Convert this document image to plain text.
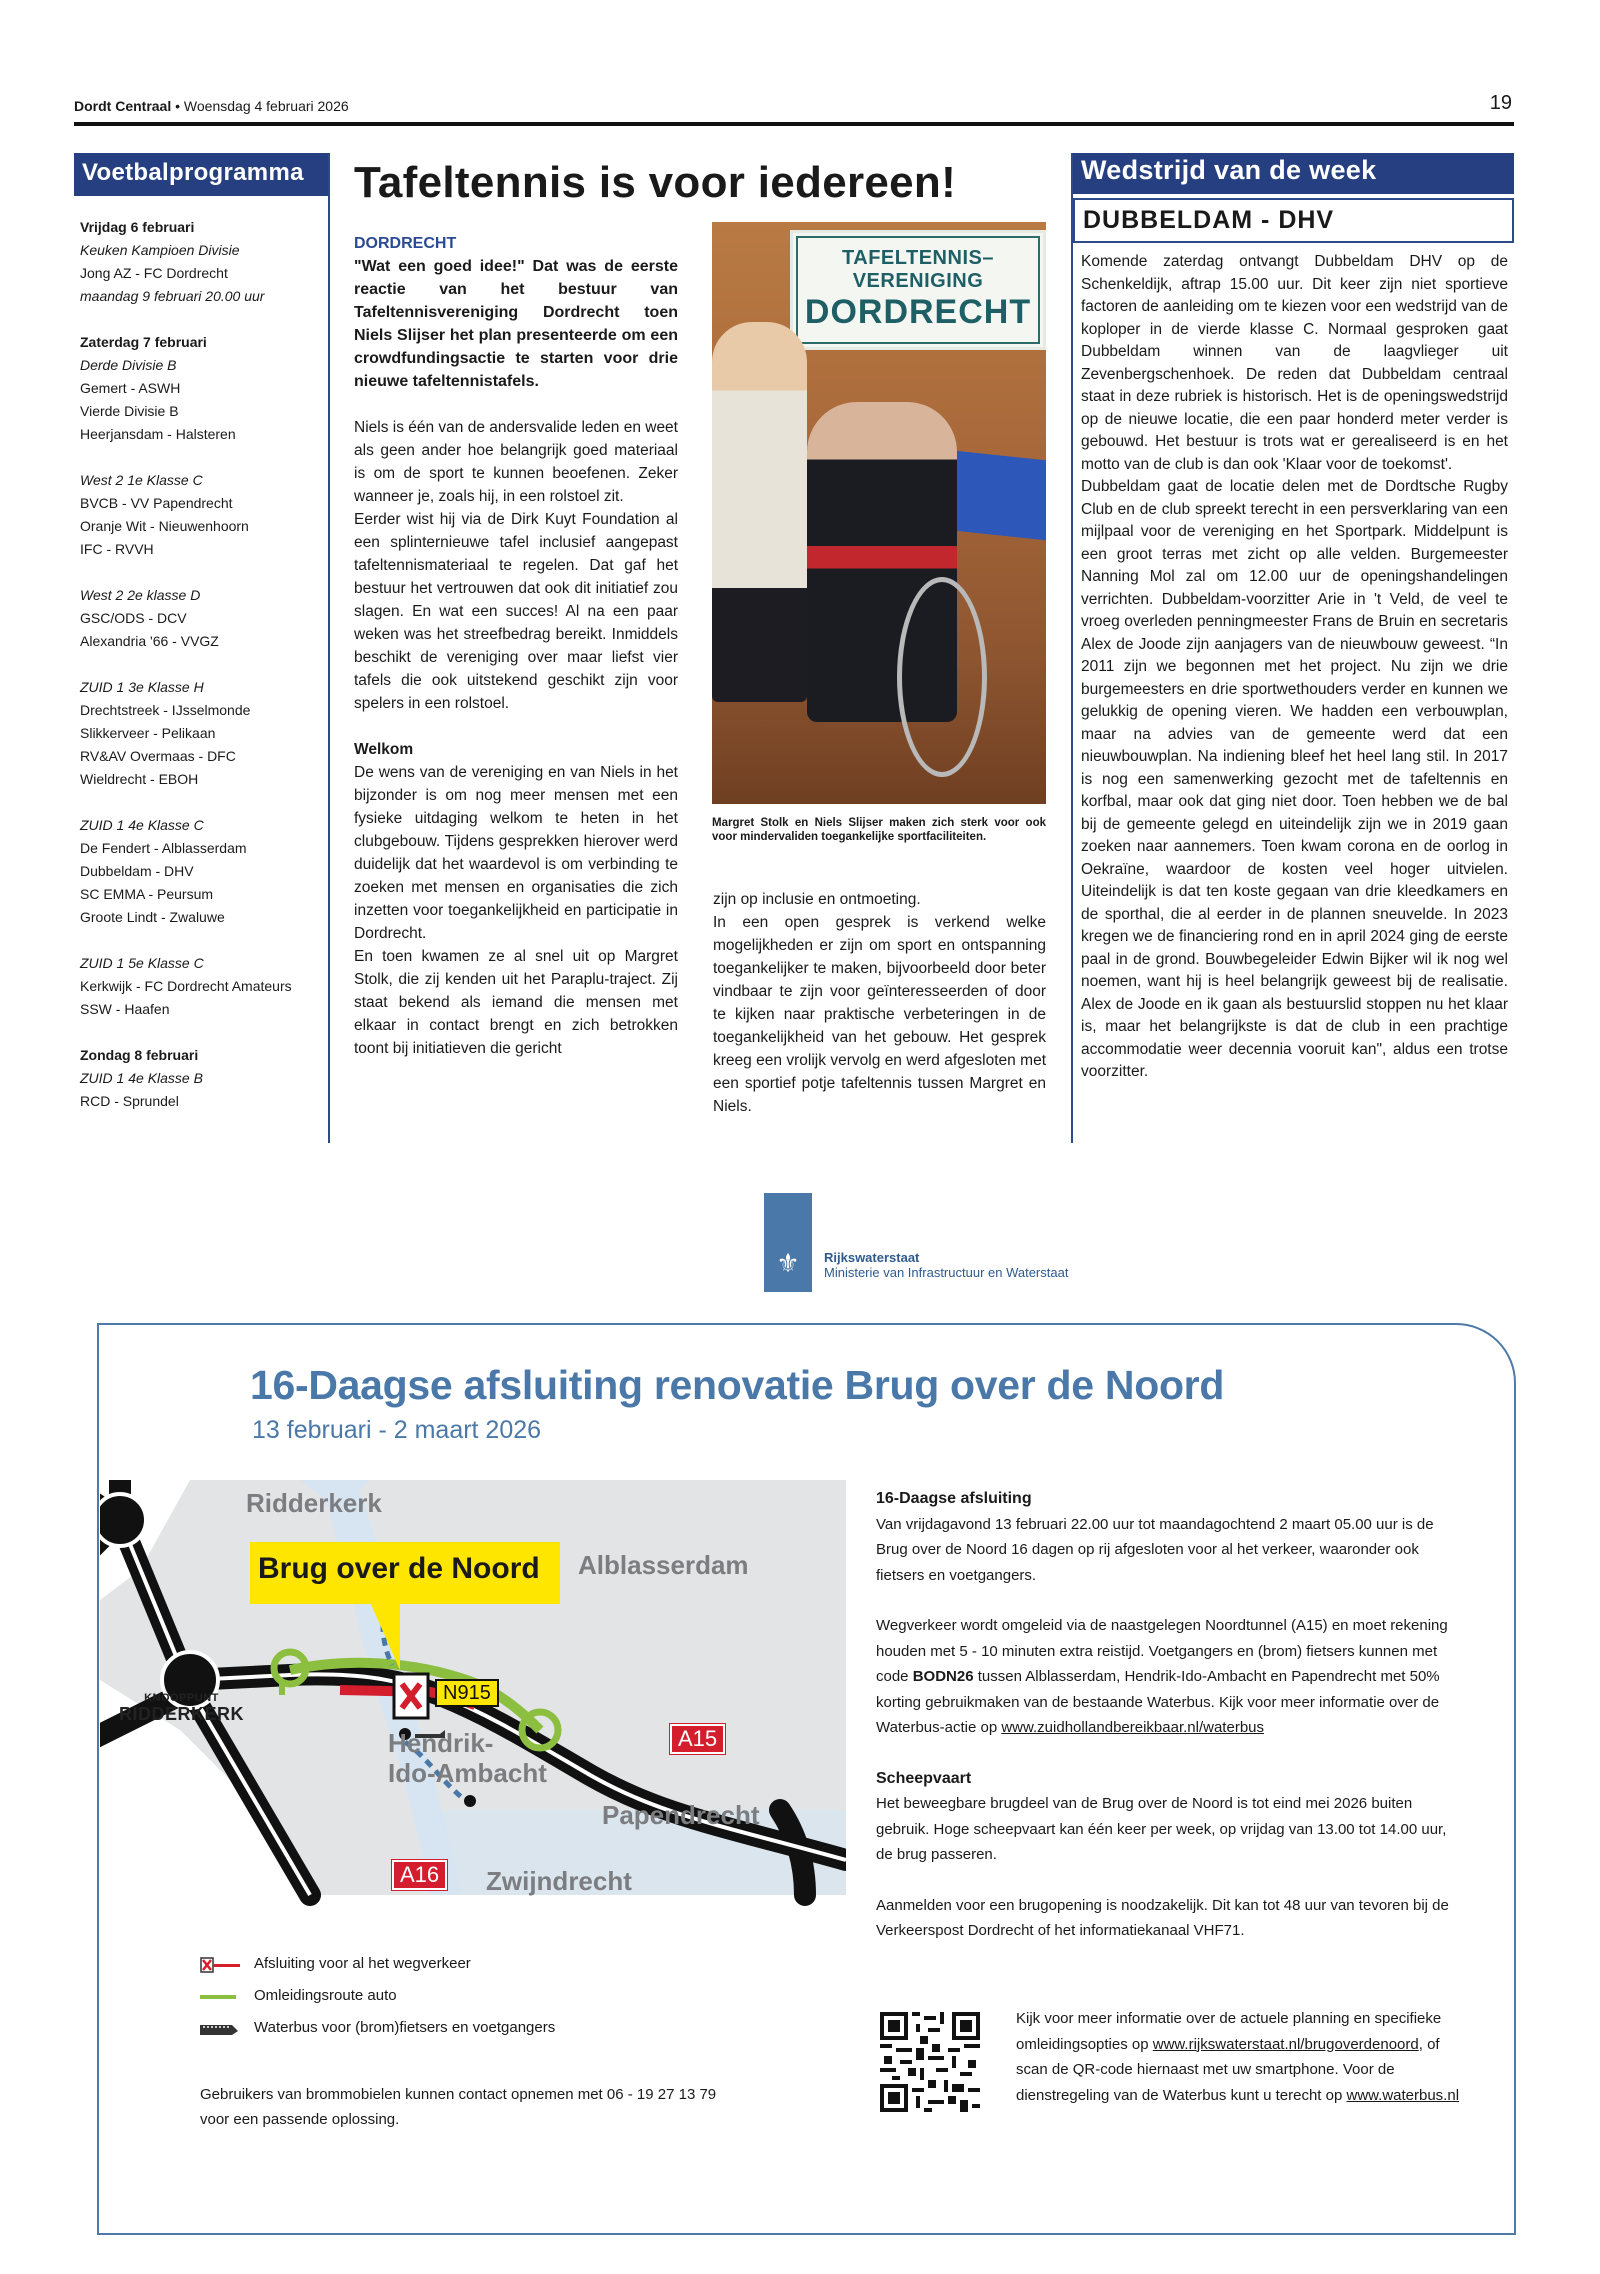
Dordt Centraal • Woensdag 4 februari 2026	19
Voetbalprogramma
Vrijdag 6 februari
Keuken Kampioen Divisie
Jong AZ - FC Dordrecht
maandag 9 februari 20.00 uur
Zaterdag 7 februari
Derde Divisie B
Gemert - ASWH
Vierde Divisie B
Heerjansdam - Halsteren
West 2 1e Klasse C
BVCB - VV Papendrecht
Oranje Wit - Nieuwenhoorn
IFC - RVVH
West 2 2e klasse D
GSC/ODS - DCV
Alexandria '66 - VVGZ
ZUID 1 3e Klasse H
Drechtstreek - IJsselmonde
Slikkerveer - Pelikaan
RV&AV Overmaas - DFC
Wieldrecht - EBOH
ZUID 1 4e Klasse C
De Fendert - Alblasserdam
Dubbeldam - DHV
SC EMMA - Peursum
Groote Lindt - Zwaluwe
ZUID 1 5e Klasse C
Kerkwijk - FC Dordrecht Amateurs
SSW - Haafen
Zondag 8 februari
ZUID 1 4e Klasse B
RCD - Sprundel
Tafeltennis is voor iedereen!
DORDRECHT

"Wat een goed idee!" Dat was de eerste reactie van het bestuur van Tafeltennisvereniging Dordrecht toen Niels Slijser het plan presenteerde om een crowdfundingsactie te starten voor drie nieuwe tafeltennistafels.

Niels is één van de andersvalide leden en weet als geen ander hoe belangrijk goed materiaal is om de sport te kunnen beoefenen. Zeker wanneer je, zoals hij, in een rolstoel zit.

Eerder wist hij via de Dirk Kuyt Foundation al een splinternieuwe tafel inclusief aangepast tafeltennismateriaal te regelen. Dat gaf het bestuur het vertrouwen dat ook dit initiatief zou slagen. En wat een succes! Al na een paar weken was het streefbedrag bereikt. Inmiddels beschikt de vereniging over maar liefst vier tafels die ook uitstekend geschikt zijn voor spelers in een rolstoel.

Welkom

De wens van de vereniging en van Niels in het bijzonder is om nog meer mensen met een fysieke uitdaging welkom te heten in het clubgebouw. Tijdens gesprekken hierover werd duidelijk dat het waardevol is om verbinding te zoeken met mensen en organisaties die zich inzetten voor toegankelijkheid en participatie in Dordrecht.

En toen kwamen ze al snel uit op Margret Stolk, die zij kenden uit het Paraplu-traject. Zij staat bekend als iemand die mensen met elkaar in contact brengt en zich betrokken toont bij initiatieven die gericht

TAFELTENNIS–
VERENIGING
DORDRECHT
Margret Stolk en Niels Slijser maken zich sterk voor ook voor mindervaliden toegankelijke sportfaciliteiten.

zijn op inclusie en ontmoeting.

In een open gesprek is verkend welke mogelijkheden er zijn om sport en ontspanning toegankelijker te maken, bijvoorbeeld door beter vindbaar te zijn voor geïnteresseerden of door te kijken naar praktische verbeteringen in de toegankelijkheid van het gebouw. Het gesprek kreeg een vrolijk vervolg en werd afgesloten met een sportief potje tafeltennis tussen Margret en Niels.

Wedstrijd van de week
DUBBELDAM - DHV

Komende zaterdag ontvangt Dubbeldam DHV op de Schenkeldijk, aftrap 15.00 uur. Dit keer zijn niet sportieve factoren de aanleiding om te kiezen voor een wedstrijd van de koploper in de vierde klasse C. Normaal gesproken gaat Dubbeldam winnen van de laagvlieger uit Zevenbergschenhoek. De reden dat Dubbeldam centraal staat in deze rubriek is historisch. Het is de openingswedstrijd op de nieuwe locatie, die een paar honderd meter verder is gebouwd. Het bestuur is trots wat er gerealiseerd is en het motto van de club is dan ook 'Klaar voor de toekomst'.

Dubbeldam gaat de locatie delen met de Dordtsche Rugby Club en de club spreekt terecht in een persverklaring van een mijlpaal voor de vereniging en het Sportpark. Middelpunt is een groot terras met zicht op alle velden. Burgemeester Nanning Mol zal om 12.00 uur de openingshandelingen verrichten. Dubbeldam-voorzitter Arie in 't Veld, de veel te vroeg overleden penningmeester Frans de Bruin en secretaris Alex de Joode zijn aanjagers van de nieuwbouw geweest. “In 2011 zijn we begonnen met het project. Nu zijn we drie burgemeesters en drie sportwethouders verder en kunnen we gelukkig de opening vieren. We hadden een verbouwplan, maar na advies van de gemeente werd dat een nieuwbouwplan. Na indiening bleef het heel lang stil. In 2017 is nog een samenwerking gezocht met de tafeltennis en korfbal, maar ook dat ging niet door. Toen hebben we de bal bij de gemeente gelegd en uiteindelijk zijn we in 2019 gaan zoeken naar aannemers. Toen kwam corona en de oorlog in Oekraïne, waardoor de kosten veel hoger uitvielen. Uiteindelijk is dat ten koste gegaan van drie kleedkamers en de sporthal, die al eerder in de plannen sneuvelde. In 2023 kregen we de financiering rond en in april 2024 ging de eerste paal in de grond. Bouwbegeleider Edwin Bijker wil ik nog wel noemen, want hij is heel belangrijk geweest bij de realisatie. Alex de Joode en ik gaan als bestuurslid stoppen nu het klaar is, maar het belangrijkste is dat de club in een prachtige accommodatie weer decennia vooruit kan", aldus een trotse voorzitter.

⚜	Rijkswaterstaat
Ministerie van Infrastructuur en Waterstaat
16-Daagse afsluiting renovatie Brug over de Noord
13 februari - 2 maart 2026
Brug over de Noord
Ridderkerk
Alblasserdam
Hendrik-
Ido-Ambacht
Papendrecht
Zwijndrecht
KNOOPPUNT
RIDDERKERK
N915
A15
A16
Afsluiting voor al het wegverkeer
Omleidingsroute auto
Waterbus voor (brom)fietsers en voetgangers
Gebruikers van brommobielen kunnen contact opnemen met 06 - 19 27 13 79
voor een passende oplossing.
16-Daagse afsluiting

Van vrijdagavond 13 februari 22.00 uur tot maandagochtend 2 maart 05.00 uur is de Brug over de Noord 16 dagen op rij afgesloten voor al het verkeer, waaronder ook fietsers en voetgangers.

Wegverkeer wordt omgeleid via de naastgelegen Noordtunnel (A15) en moet rekening houden met 5 - 10 minuten extra reistijd. Voetgangers en (brom) fietsers kunnen met code BODN26 tussen Alblasserdam, Hendrik-Ido-Ambacht en Papendrecht met 50% korting gebruikmaken van de bestaande Waterbus. Kijk voor meer informatie over de Waterbus-actie op www.zuidhollandbereikbaar.nl/waterbus

Scheepvaart

Het beweegbare brugdeel van de Brug over de Noord is tot eind mei 2026 buiten gebruik. Hoge scheepvaart kan één keer per week, op vrijdag van 13.00 tot 14.00 uur, de brug passeren.

Aanmelden voor een brugopening is noodzakelijk. Dit kan tot 48 uur van tevoren bij de Verkeerspost Dordrecht of het informatiekanaal VHF71.

Kijk voor meer informatie over de actuele planning en specifieke omleidingsopties op www.rijkswaterstaat.nl/brugoverdenoord, of scan de QR-code hiernaast met uw smartphone. Voor de dienstregeling van de Waterbus kunt u terecht op www.waterbus.nl
